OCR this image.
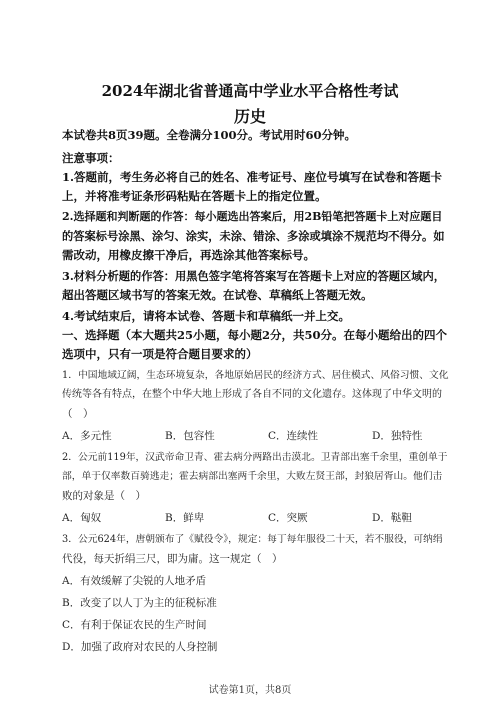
2024年湖北省普通高中学业水平合格性考试
历史
本试卷共8页39题。全卷满分100分。考试用时60分钟。
注意事项：
1.答题前，考生务必将自己的姓名、准考证号、座位号填写在试卷和答题卡
上，并将准考证条形码粘贴在答题卡上的指定位置。
2.选择题和判断题的作答：每小题选出答案后，用2B铅笔把答题卡上对应题目
的答案标号涂黑、涂匀、涂实，未涂、错涂、多涂或填涂不规范均不得分。如
需改动，用橡皮擦干净后，再选涂其他答案标号。
3.材料分析题的作答：用黑色签字笔将答案写在答题卡上对应的答题区域内，
超出答题区域书写的答案无效。在试卷、草稿纸上答题无效。
4.考试结束后，请将本试卷、答题卡和草稿纸一并上交。
一、选择题（本大题共25小题，每小题2分，共50分。在每小题给出的四个
选项中，只有一项是符合题目要求的）
1．中国地域辽阔，生态环境复杂，各地原始居民的经济方式、居住模式、风俗习惯、文化
传统等各有特点，在整个中华大地上形成了各自不同的文化遗存。这体现了中华文明的
（　）
A．多元性	B．包容性	C．连续性	D．独特性
2．公元前119年，汉武帝命卫青、霍去病分两路出击漠北。卫青部出塞千余里，重创单于
部，单于仅率数百骑逃走；霍去病部出塞两千余里，大败左贤王部，封狼居胥山。他们击
败的对象是（　）
A．匈奴	B．鲜卑	C．突厥	D．鞑靼
3．公元624年，唐朝颁布了《赋役令》，规定：每丁每年服役二十天，若不服役，可纳绢
代役，每天折绢三尺，即为庸。这一规定（　）
A．有效缓解了尖锐的人地矛盾
B．改变了以人丁为主的征税标准
C．有利于保证农民的生产时间
D．加强了政府对农民的人身控制
试卷第1页，共8页
